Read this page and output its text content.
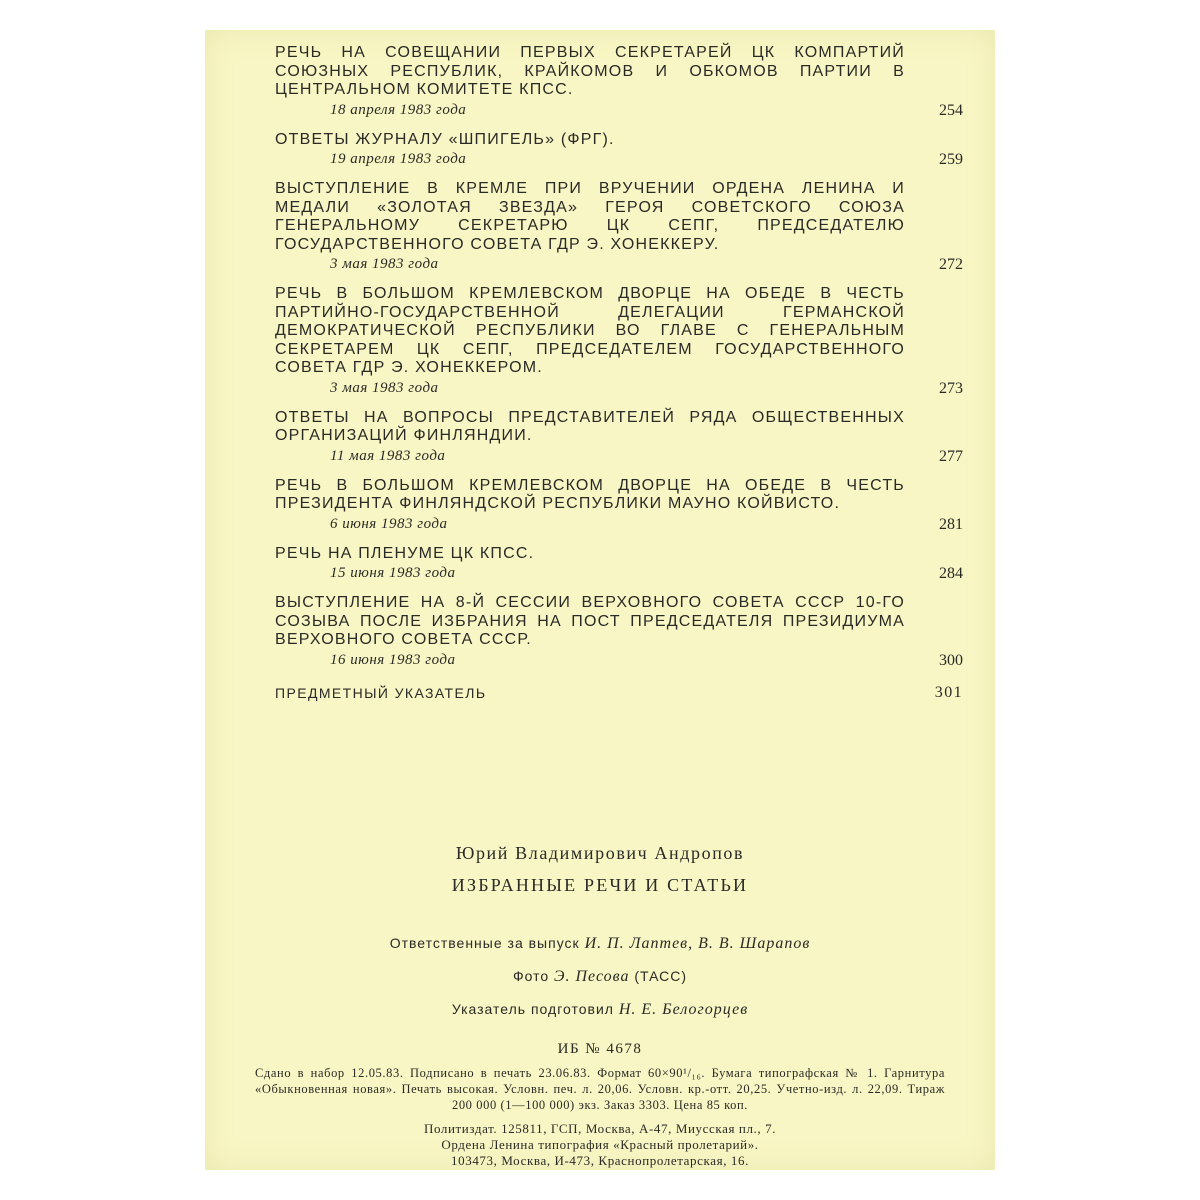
РЕЧЬ НА СОВЕЩАНИИ ПЕРВЫХ СЕКРЕТАРЕЙ ЦК КОМПАРТИЙ СОЮЗНЫХ РЕСПУБЛИК, КРАЙКОМОВ И ОБКОМОВ ПАРТИИ В ЦЕНТРАЛЬНОМ КОМИТЕТЕ КПСС.
18 апреля 1983 года	254
ОТВЕТЫ ЖУРНАЛУ «ШПИГЕЛЬ» (ФРГ).
19 апреля 1983 года	259
ВЫСТУПЛЕНИЕ В КРЕМЛЕ ПРИ ВРУЧЕНИИ ОРДЕНА ЛЕНИНА И МЕДАЛИ «ЗОЛОТАЯ ЗВЕЗДА» ГЕРОЯ СОВЕТСКОГО СОЮЗА ГЕНЕРАЛЬНОМУ СЕКРЕТАРЮ ЦК СЕПГ, ПРЕДСЕДАТЕЛЮ ГОСУДАРСТВЕННОГО СОВЕТА ГДР Э. ХОНЕККЕРУ.
3 мая 1983 года	272
РЕЧЬ В БОЛЬШОМ КРЕМЛЕВСКОМ ДВОРЦЕ НА ОБЕДЕ В ЧЕСТЬ ПАРТИЙНО-ГОСУДАРСТВЕННОЙ ДЕЛЕГАЦИИ ГЕРМАНСКОЙ ДЕМОКРАТИЧЕСКОЙ РЕСПУБЛИКИ ВО ГЛАВЕ С ГЕНЕРАЛЬНЫМ СЕКРЕТАРЕМ ЦК СЕПГ, ПРЕДСЕДАТЕЛЕМ ГОСУДАРСТВЕННОГО СОВЕТА ГДР Э. ХОНЕККЕРОМ.
3 мая 1983 года	273
ОТВЕТЫ НА ВОПРОСЫ ПРЕДСТАВИТЕЛЕЙ РЯДА ОБЩЕСТВЕННЫХ ОРГАНИЗАЦИЙ ФИНЛЯНДИИ.
11 мая 1983 года	277
РЕЧЬ В БОЛЬШОМ КРЕМЛЕВСКОМ ДВОРЦЕ НА ОБЕДЕ В ЧЕСТЬ ПРЕЗИДЕНТА ФИНЛЯНДСКОЙ РЕСПУБЛИКИ МАУНО КОЙВИСТО.
6 июня 1983 года	281
РЕЧЬ НА ПЛЕНУМЕ ЦК КПСС.
15 июня 1983 года	284
ВЫСТУПЛЕНИЕ НА 8-Й СЕССИИ ВЕРХОВНОГО СОВЕТА СССР 10-ГО СОЗЫВА ПОСЛЕ ИЗБРАНИЯ НА ПОСТ ПРЕДСЕДАТЕЛЯ ПРЕЗИДИУМА ВЕРХОВНОГО СОВЕТА СССР.
16 июня 1983 года	300
ПРЕДМЕТНЫЙ УКАЗАТЕЛЬ	301
Юрий Владимирович Андропов
ИЗБРАННЫЕ РЕЧИ И СТАТЬИ
Ответственные за выпуск И. П. Лаптев, В. В. Шарапов
Фото Э. Песова (ТАСС)
Указатель подготовил Н. Е. Белогорцев
ИБ № 4678
Сдано в набор 12.05.83. Подписано в печать 23.06.83. Формат 60×90¹/₁₆. Бумага типографская № 1. Гарнитура «Обыкновенная новая». Печать высокая. Условн. печ. л. 20,06. Условн. кр.-отт. 20,25. Учетно-изд. л. 22,09. Тираж 200 000 (1—100 000) экз. Заказ 3303. Цена 85 коп.
Политиздат. 125811, ГСП, Москва, А-47, Миусская пл., 7.
Ордена Ленина типография «Красный пролетарий».
103473, Москва, И-473, Краснопролетарская, 16.
